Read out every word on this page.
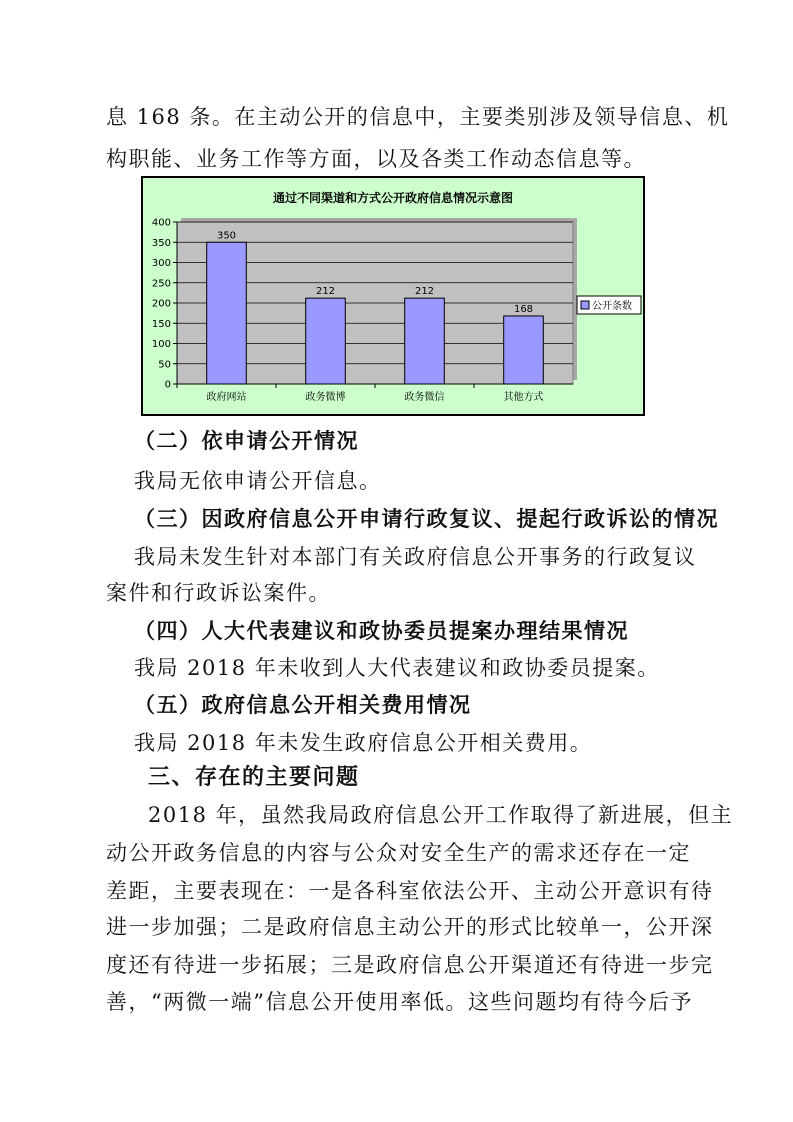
息 168 条。在主动公开的信息中，主要类别涉及领导信息、机
构职能、业务工作等方面，以及各类工作动态信息等。
通过不同渠道和方式公开政府信息情况示意图
0
50
100
150
200
250
300
350
400
350
政府网站
212
政务微博
212
政务微信
168
其他方式
公开条数
（二）依申请公开情况
我局无依申请公开信息。
（三）因政府信息公开申请行政复议、提起行政诉讼的情况
我局未发生针对本部门有关政府信息公开事务的行政复议
案件和行政诉讼案件。
（四）人大代表建议和政协委员提案办理结果情况
我局 2018 年未收到人大代表建议和政协委员提案。
（五）政府信息公开相关费用情况
我局 2018 年未发生政府信息公开相关费用。
三、存在的主要问题
2018 年，虽然我局政府信息公开工作取得了新进展，但主
动公开政务信息的内容与公众对安全生产的需求还存在一定
差距，主要表现在：一是各科室依法公开、主动公开意识有待
进一步加强；二是政府信息主动公开的形式比较单一，公开深
度还有待进一步拓展；三是政府信息公开渠道还有待进一步完
善，“两微一端”信息公开使用率低。这些问题均有待今后予
